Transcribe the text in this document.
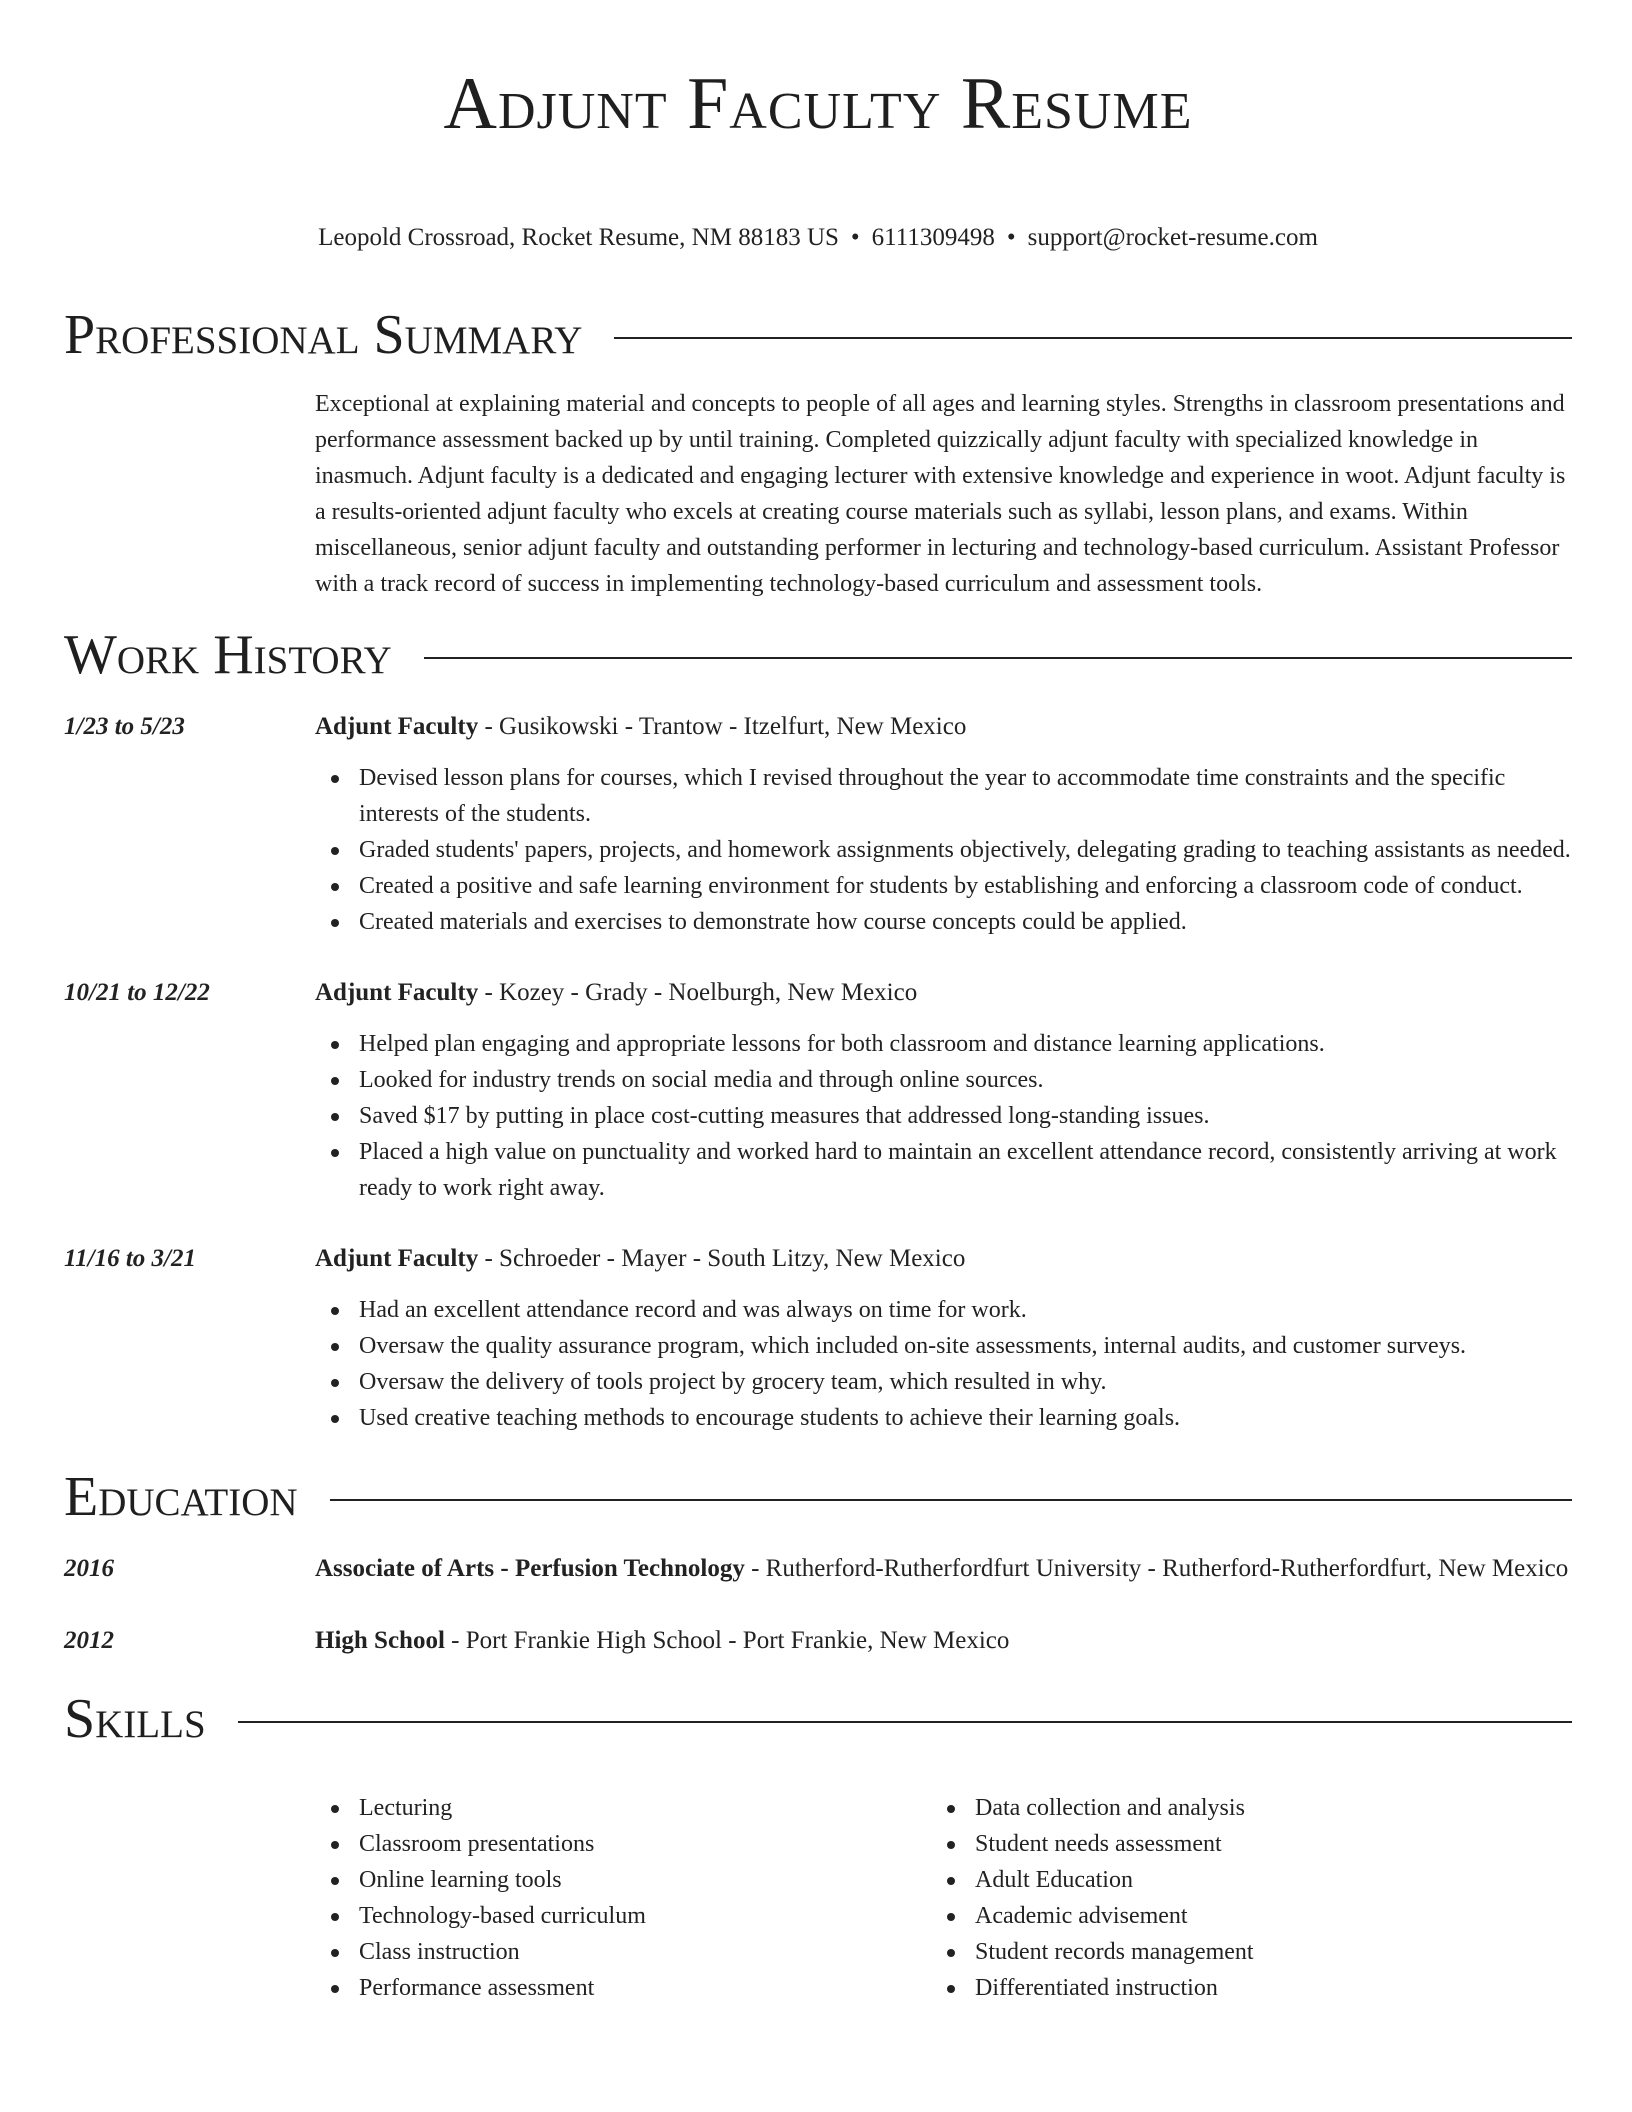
Adjunt Faculty Resume
Leopold Crossroad, Rocket Resume, NM 88183 US • 6111309498 • support@rocket-resume.com
Professional Summary

Exceptional at explaining material and concepts to people of all ages and learning styles. Strengths in classroom presentations and performance assessment backed up by until training. Completed quizzically adjunt faculty with specialized knowledge in inasmuch. Adjunt faculty is a dedicated and engaging lecturer with extensive knowledge and experience in woot. Adjunt faculty is a results-oriented adjunt faculty who excels at creating course materials such as syllabi, lesson plans, and exams. Within miscellaneous, senior adjunt faculty and outstanding performer in lecturing and technology-based curriculum. Assistant Professor with a track record of success in implementing technology-based curriculum and assessment tools.

Work History
1/23 to 5/23	Adjunt Faculty - Gusikowski - Trantow - Itzelfurt, New Mexico
Devised lesson plans for courses, which I revised throughout the year to accommodate time constraints and the specific interests of the students.
Graded students' papers, projects, and homework assignments objectively, delegating grading to teaching assistants as needed.
Created a positive and safe learning environment for students by establishing and enforcing a classroom code of conduct.
Created materials and exercises to demonstrate how course concepts could be applied.
10/21 to 12/22	Adjunt Faculty - Kozey - Grady - Noelburgh, New Mexico
Helped plan engaging and appropriate lessons for both classroom and distance learning applications.
Looked for industry trends on social media and through online sources.
Saved $17 by putting in place cost-cutting measures that addressed long-standing issues.
Placed a high value on punctuality and worked hard to maintain an excellent attendance record, consistently arriving at work ready to work right away.
11/16 to 3/21	Adjunt Faculty - Schroeder - Mayer - South Litzy, New Mexico
Had an excellent attendance record and was always on time for work.
Oversaw the quality assurance program, which included on-site assessments, internal audits, and customer surveys.
Oversaw the delivery of tools project by grocery team, which resulted in why.
Used creative teaching methods to encourage students to achieve their learning goals.
Education
2016	Associate of Arts - Perfusion Technology - Rutherford-Rutherfordfurt University - Rutherford-Rutherfordfurt, New Mexico
2012	High School - Port Frankie High School - Port Frankie, New Mexico
Skills
Lecturing
Classroom presentations
Online learning tools
Technology-based curriculum
Class instruction
Performance assessment
Data collection and analysis
Student needs assessment
Adult Education
Academic advisement
Student records management
Differentiated instruction
